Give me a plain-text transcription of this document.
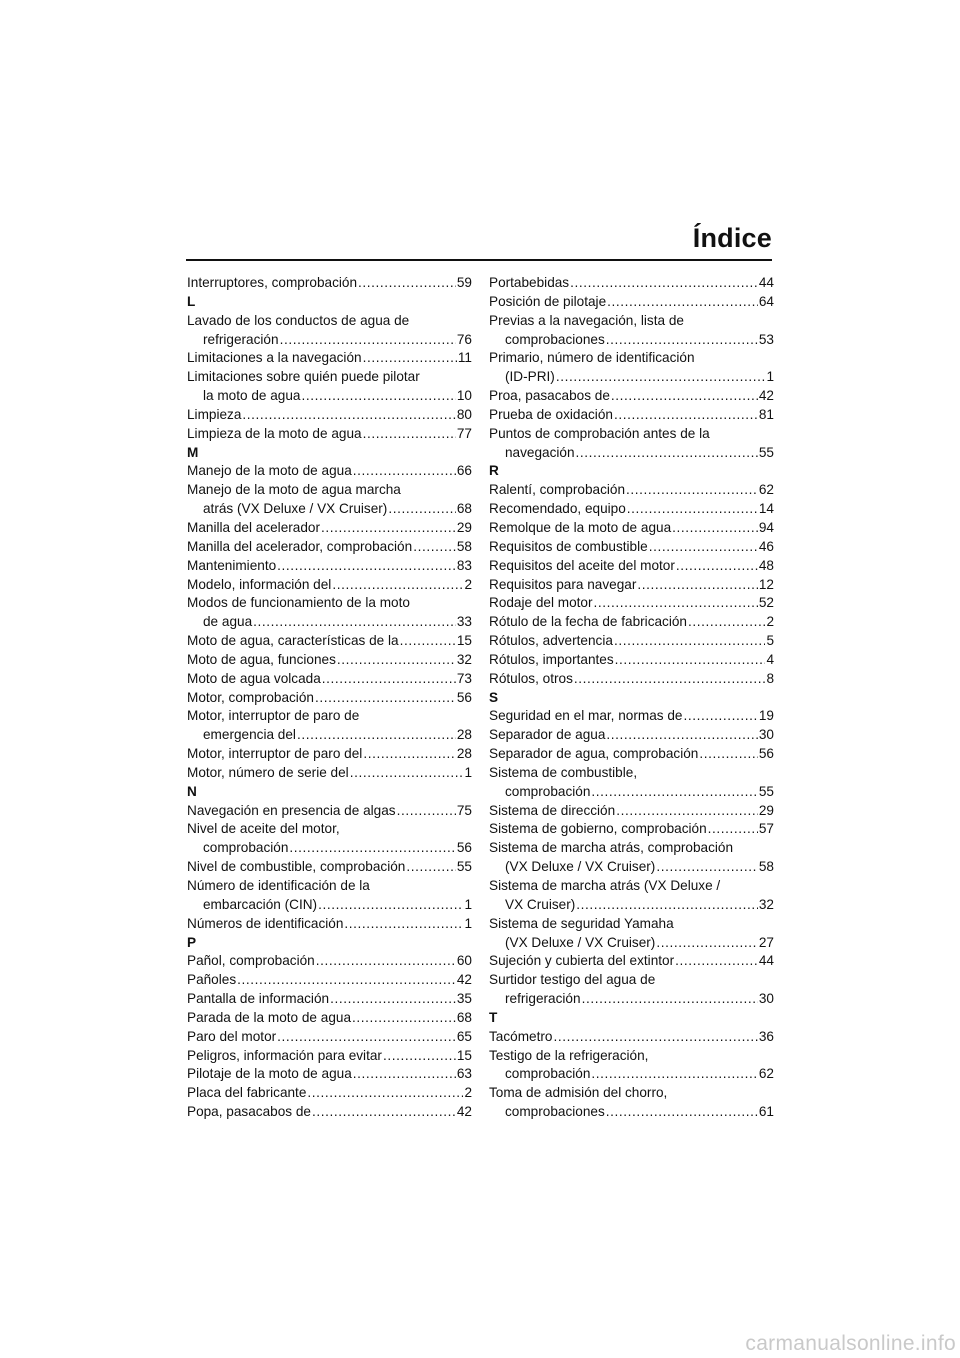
Índice
Interruptores, comprobación .....	59
L
Lavado de los conductos de agua de
refrigeración .....	76
Limitaciones a la navegación .....	11
Limitaciones sobre quién puede pilotar
la moto de agua .....	10
Limpieza .....	80
Limpieza de la moto de agua .....	77
M
Manejo de la moto de agua .....	66
Manejo de la moto de agua marcha
atrás (VX Deluxe / VX Cruiser) .....	68
Manilla del acelerador .....	29
Manilla del acelerador, comprobación .....	58
Mantenimiento .....	83
Modelo, información del .....	2
Modos de funcionamiento de la moto
de agua .....	33
Moto de agua, características de la .....	15
Moto de agua, funciones .....	32
Moto de agua volcada .....	73
Motor, comprobación .....	56
Motor, interruptor de paro de
emergencia del .....	28
Motor, interruptor de paro del .....	28
Motor, número de serie del .....	1
N
Navegación en presencia de algas .....	75
Nivel de aceite del motor,
comprobación .....	56
Nivel de combustible, comprobación .....	55
Número de identificación de la
embarcación (CIN) .....	1
Números de identificación .....	1
P
Pañol, comprobación .....	60
Pañoles .....	42
Pantalla de información .....	35
Parada de la moto de agua .....	68
Paro del motor .....	65
Peligros, información para evitar .....	15
Pilotaje de la moto de agua .....	63
Placa del fabricante .....	2
Popa, pasacabos de .....	42
Portabebidas .....	44
Posición de pilotaje .....	64
Previas a la navegación, lista de
comprobaciones .....	53
Primario, número de identificación
(ID-PRI) .....	1
Proa, pasacabos de .....	42
Prueba de oxidación .....	81
Puntos de comprobación antes de la
navegación .....	55
R
Ralentí, comprobación .....	62
Recomendado, equipo .....	14
Remolque de la moto de agua .....	94
Requisitos de combustible .....	46
Requisitos del aceite del motor .....	48
Requisitos para navegar .....	12
Rodaje del motor .....	52
Rótulo de la fecha de fabricación .....	2
Rótulos, advertencia .....	5
Rótulos, importantes .....	4
Rótulos, otros .....	8
S
Seguridad en el mar, normas de .....	19
Separador de agua .....	30
Separador de agua, comprobación .....	56
Sistema de combustible,
comprobación .....	55
Sistema de dirección .....	29
Sistema de gobierno, comprobación .....	57
Sistema de marcha atrás, comprobación
(VX Deluxe / VX Cruiser) .....	58
Sistema de marcha atrás (VX Deluxe /
VX Cruiser) .....	32
Sistema de seguridad Yamaha
(VX Deluxe / VX Cruiser) .....	27
Sujeción y cubierta del extintor .....	44
Surtidor testigo del agua de
refrigeración .....	30
T
Tacómetro .....	36
Testigo de la refrigeración,
comprobación .....	62
Toma de admisión del chorro,
comprobaciones .....	61
carmanualsonline.info
